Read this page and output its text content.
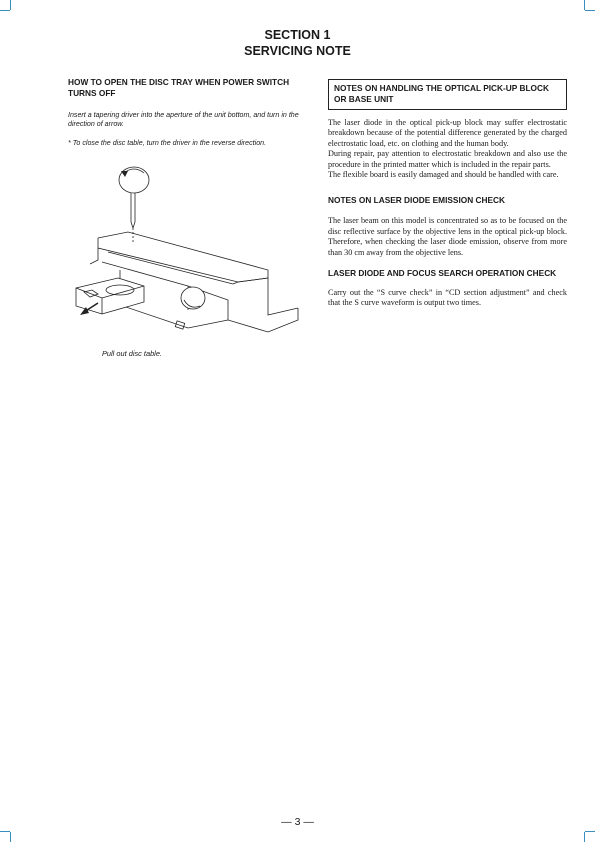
SECTION 1
SERVICING NOTE

HOW TO OPEN THE DISC TRAY WHEN POWER SWITCH TURNS OFF

Insert a tapering driver into the aperture of the unit bottom, and turn in the direction of arrow.

* To close the disc table, turn the driver in the reverse direction.

Pull out disc table.
NOTES ON HANDLING THE OPTICAL PICK-UP BLOCK OR BASE UNIT

The laser diode in the optical pick-up block may suffer electrostatic breakdown because of the potential difference generated by the charged electrostatic load, etc. on clothing and the human body.

During repair, pay attention to electrostatic breakdown and also use the procedure in the printed matter which is included in the repair parts.

The flexible board is easily damaged and should be handled with care.

NOTES ON LASER DIODE EMISSION CHECK

The laser beam on this model is concentrated so as to be focused on the disc reflective surface by the objective lens in the optical pick-up block. Therefore, when checking the laser diode emission, observe from more than 30 cm away from the objective lens.

LASER DIODE AND FOCUS SEARCH OPERATION CHECK

Carry out the “S curve check” in “CD section adjustment” and check that the S curve waveform is output two times.

— 3 —
